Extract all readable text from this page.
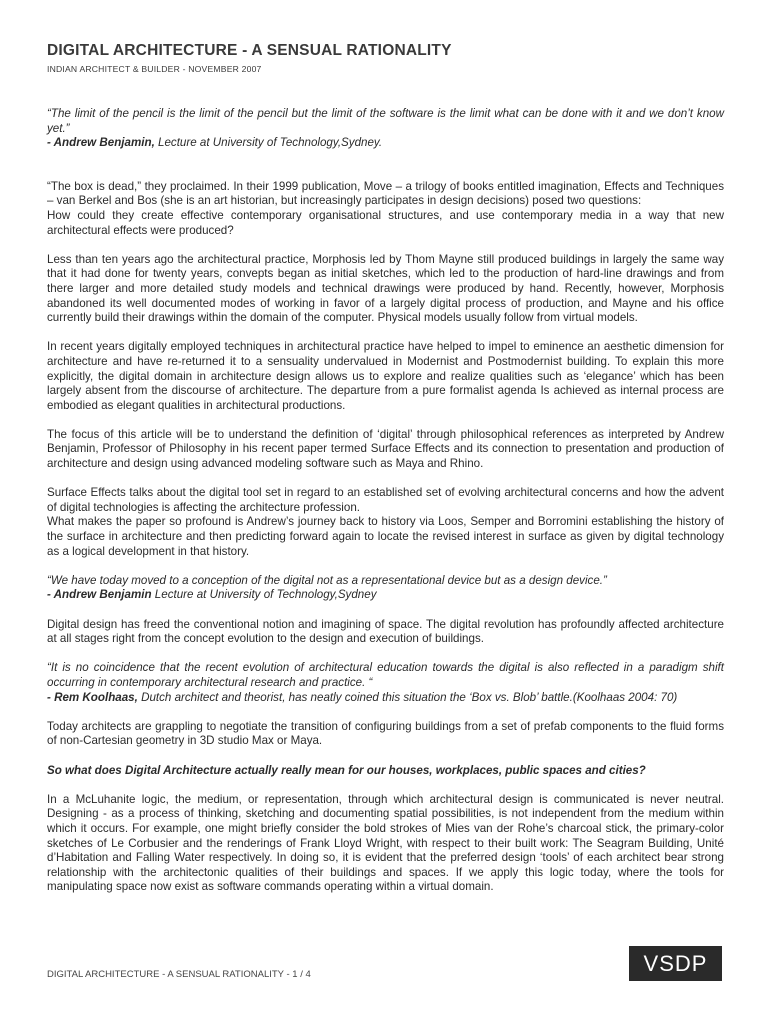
DIGITAL ARCHITECTURE - A SENSUAL RATIONALITY
INDIAN ARCHITECT & BUILDER - NOVEMBER 2007

“The limit of the pencil is the limit of the pencil but the limit of the software is the limit what can be done with it and we don’t know yet.”

- Andrew Benjamin, Lecture at University of Technology,Sydney.

“The box is dead,” they proclaimed. In their 1999 publication, Move – a trilogy of books entitled imagination, Effects and Techniques – van Berkel and Bos (she is an art historian, but increasingly participates in design decisions) posed two questions:

How could they create effective contemporary organisational structures, and use contemporary media in a way that new architectural effects were produced?

Less than ten years ago the architectural practice, Morphosis led by Thom Mayne still produced buildings in largely the same way that it had done for twenty years, convepts began as initial sketches, which led to the production of hard-line drawings and from there larger and more detailed study models and technical drawings were produced by hand. Recently, however, Morphosis abandoned its well documented modes of working in favor of a largely digital process of production, and Mayne and his office currently build their drawings within the domain of the computer. Physical models usually follow from virtual models.

In recent years digitally employed techniques in architectural practice have helped to impel to eminence an aesthetic dimension for architecture and have re-returned it to a sensuality undervalued in Modernist and Postmodernist building. To explain this more explicitly, the digital domain in architecture design allows us to explore and realize qualities such as ‘elegance’ which has been largely absent from the discourse of architecture. The departure from a pure formalist agenda Is achieved as internal process are embodied as elegant qualities in architectural productions.

The focus of this article will be to understand the definition of ‘digital’ through philosophical references as interpreted by Andrew Benjamin, Professor of Philosophy in his recent paper termed Surface Effects and its connection to presentation and production of architecture and design using advanced modeling software such as Maya and Rhino.

Surface Effects talks about the digital tool set in regard to an established set of evolving architectural concerns and how the advent of digital technologies is affecting the architecture profession.

What makes the paper so profound is Andrew’s journey back to history via Loos, Semper and Borromini establishing the history of the surface in architecture and then predicting forward again to locate the revised interest in surface as given by digital technology as a logical development in that history.

“We have today moved to a conception of the digital not as a representational device but as a design device.”

- Andrew Benjamin Lecture at University of Technology,Sydney

Digital design has freed the conventional notion and imagining of space. The digital revolution has profoundly affected architecture at all stages right from the concept evolution to the design and execution of buildings.

“It is no coincidence that the recent evolution of architectural education towards the digital is also reflected in a paradigm shift occurring in contemporary architectural research and practice. “

- Rem Koolhaas, Dutch architect and theorist, has neatly coined this situation the ‘Box vs. Blob’ battle.(Koolhaas 2004: 70)

Today architects are grappling to negotiate the transition of configuring buildings from a set of prefab components to the fluid forms of non-Cartesian geometry in 3D studio Max or Maya.

So what does Digital Architecture actually really mean for our houses, workplaces, public spaces and cities?

In a McLuhanite logic, the medium, or representation, through which architectural design is communicated is never neutral. Designing - as a process of thinking, sketching and documenting spatial possibilities, is not independent from the medium within which it occurs. For example, one might briefly consider the bold strokes of Mies van der Rohe’s charcoal stick, the primary-color sketches of Le Corbusier and the renderings of Frank Lloyd Wright, with respect to their built work: The Seagram Building, Unité d’Habitation and Falling Water respectively. In doing so, it is evident that the preferred design ‘tools’ of each architect bear strong relationship with the architectonic qualities of their buildings and spaces. If we apply this logic today, where the tools for manipulating space now exist as software commands operating within a virtual domain.

DIGITAL ARCHITECTURE - A SENSUAL RATIONALITY - 1 / 4	VSDP
